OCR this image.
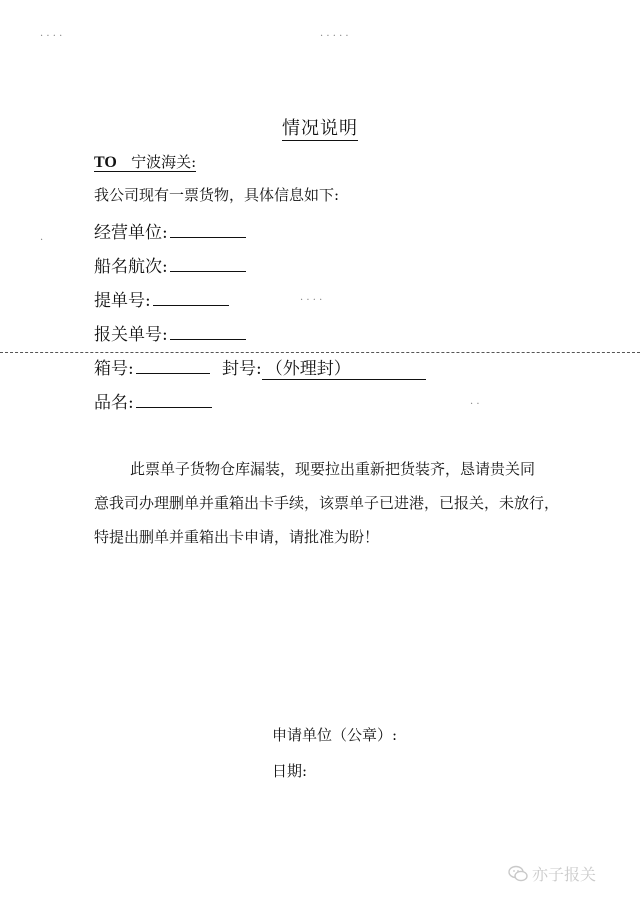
· · · ·	· · · · ·
· · · ·
·
· ·
情况说明
TO 宁波海关:
我公司现有一票货物，具体信息如下:
经营单位:
船名航次:
提单号:
报关单号:
箱号:	封号: （外理封）
品名:

此票单子货物仓库漏装，现要拉出重新把货装齐，恳请贵关同

意我司办理删单并重箱出卡手续，该票单子已进港，已报关，未放行，

特提出删单并重箱出卡申请，请批准为盼！

申请单位（公章）:
日期:
亦子报关
